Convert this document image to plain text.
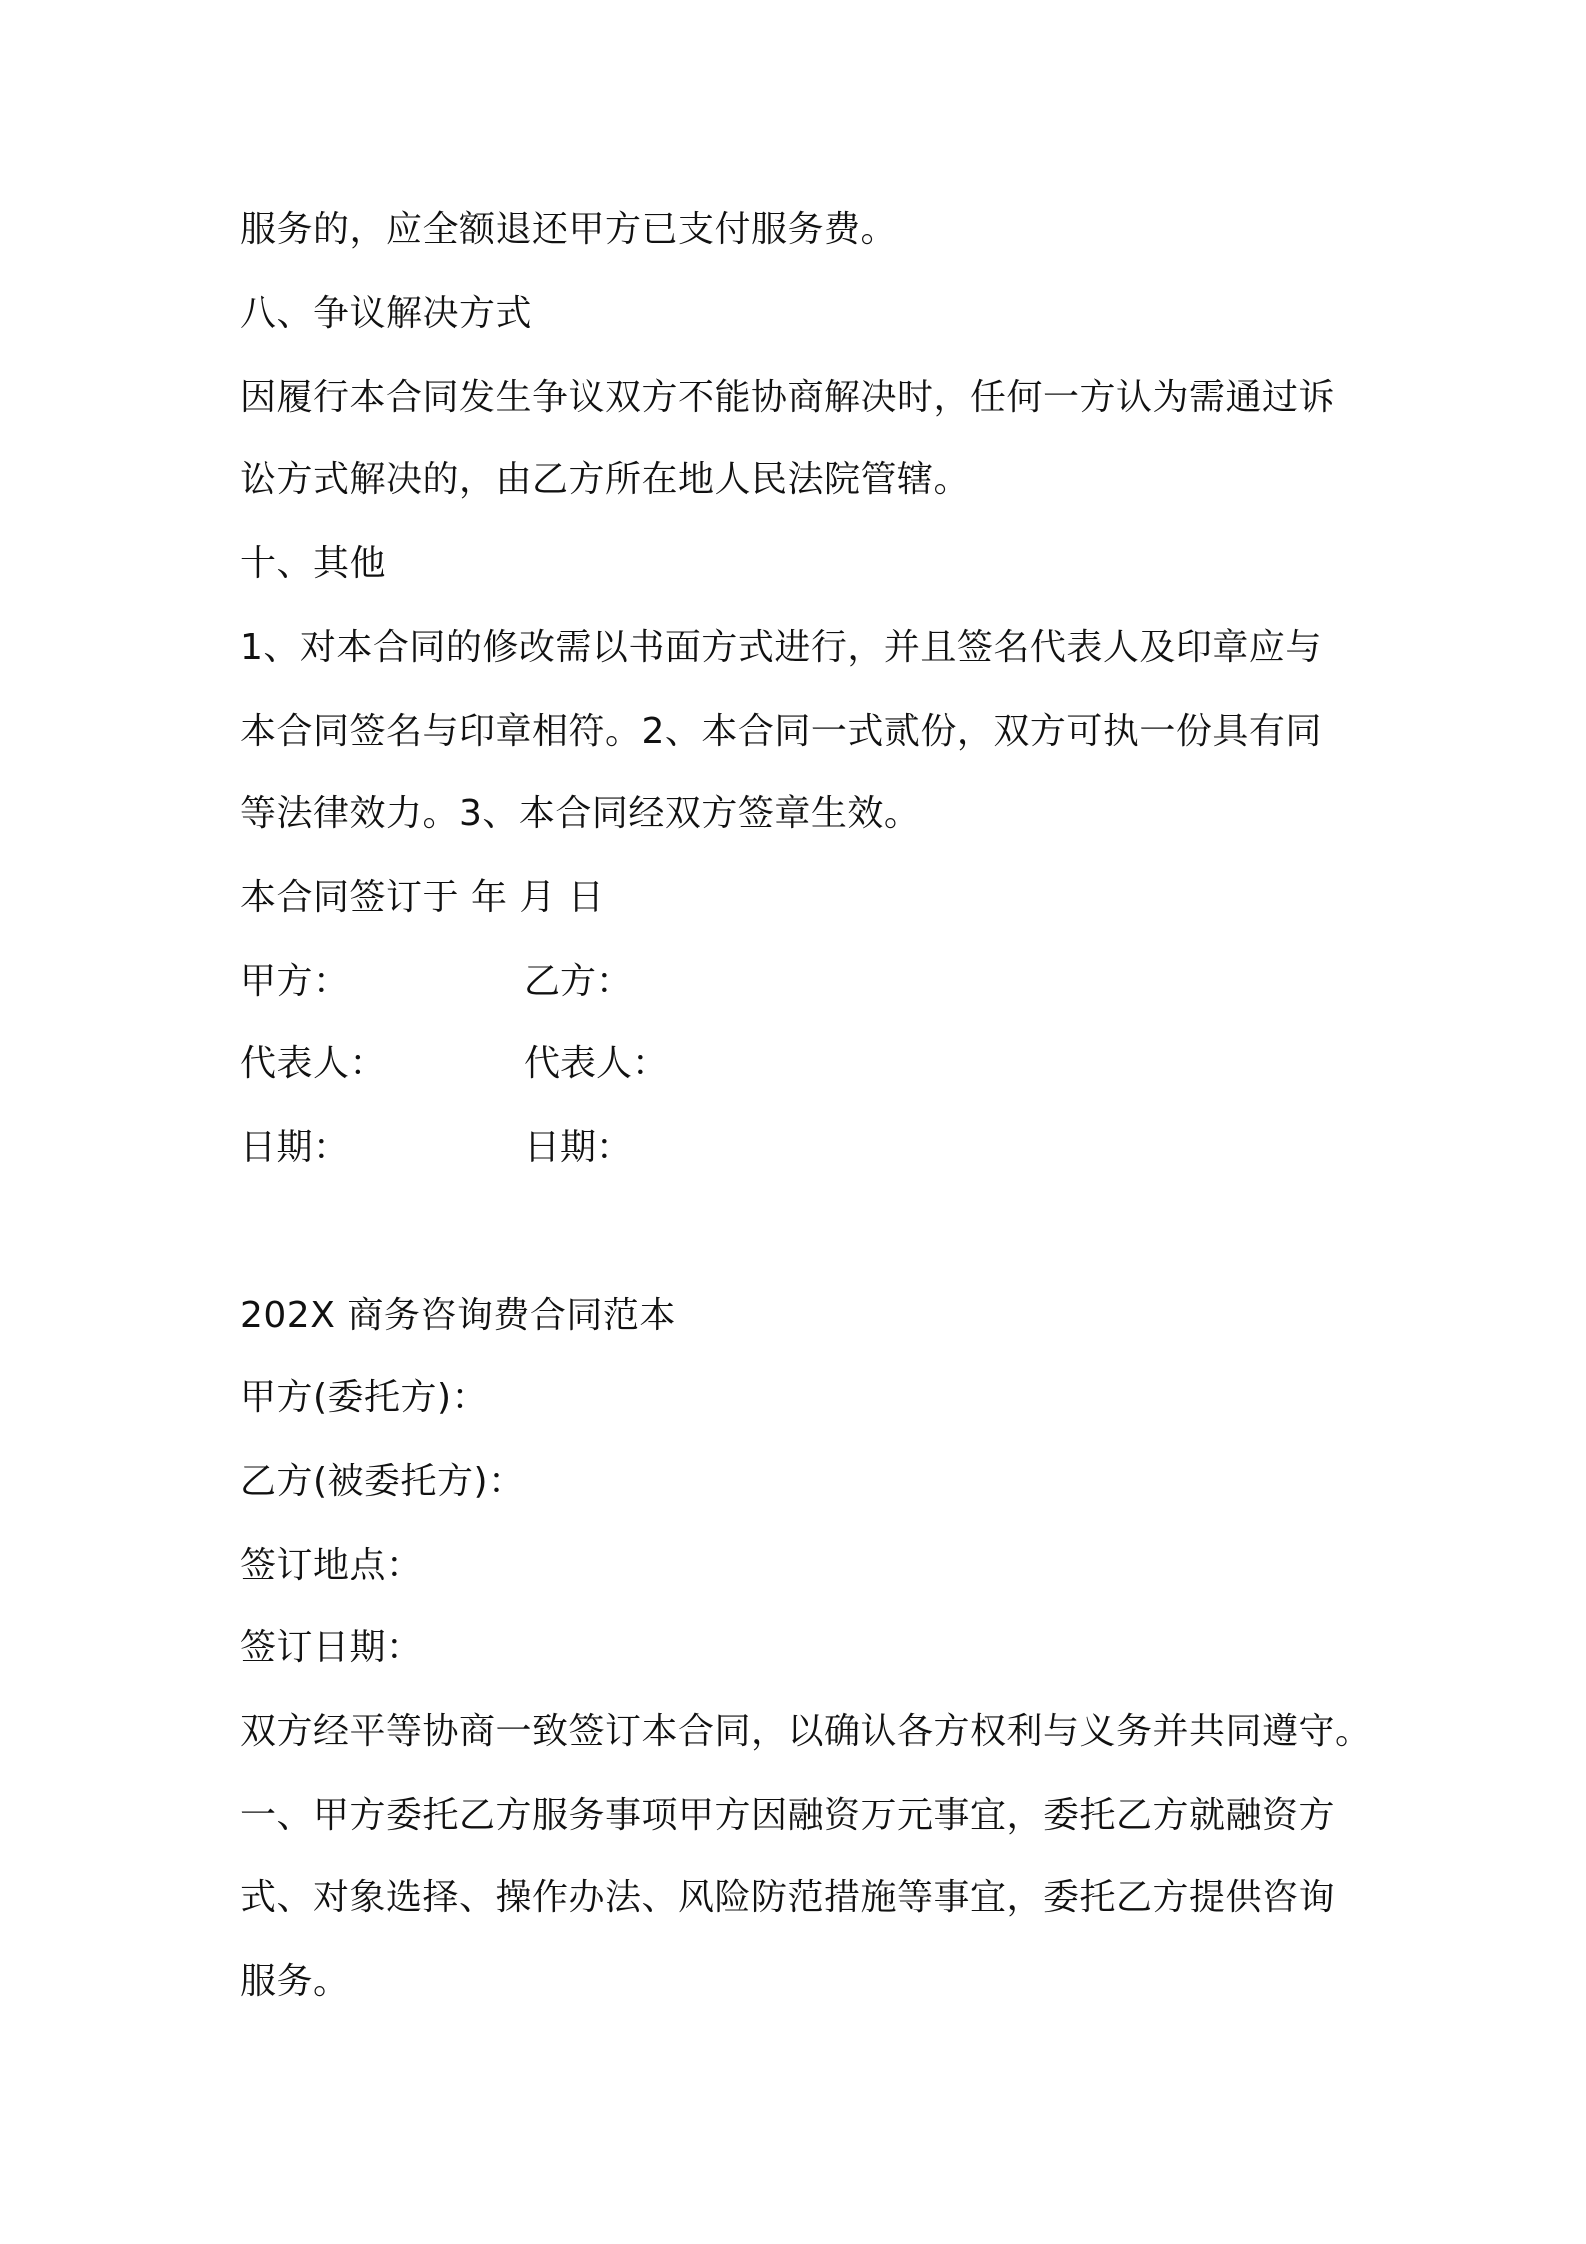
服务的，应全额退还甲方已支付服务费。
八、争议解决方式
因履行本合同发生争议双方不能协商解决时，任何一方认为需通过诉
讼方式解决的，由乙方所在地人民法院管辖。
十、其他
1、对本合同的修改需以书面方式进行，并且签名代表人及印章应与
本合同签名与印章相符。2、本合同一式贰份，双方可执一份具有同
等法律效力。3、本合同经双方签章生效。
本合同签订于 年 月 日
甲方：	乙方：
代表人：	代表人：
日期：	日期：
202X 商务咨询费合同范本
甲方(委托方)：
乙方(被委托方)：
签订地点：
签订日期：
双方经平等协商一致签订本合同，以确认各方权利与义务并共同遵守。
一、甲方委托乙方服务事项甲方因融资万元事宜，委托乙方就融资方
式、对象选择、操作办法、风险防范措施等事宜，委托乙方提供咨询
服务。
